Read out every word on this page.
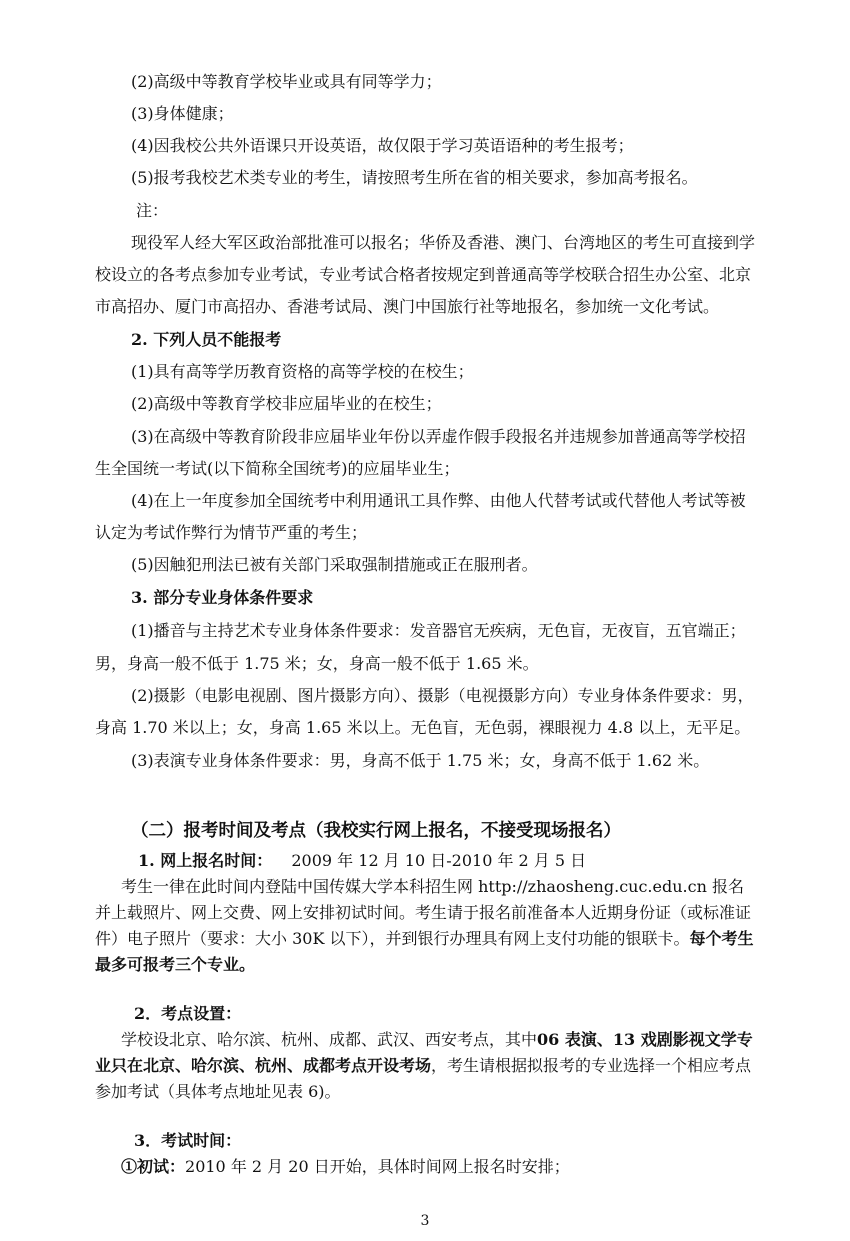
(2)高级中等教育学校毕业或具有同等学力；
(3)身体健康；
(4)因我校公共外语课只开设英语，故仅限于学习英语语种的考生报考；
(5)报考我校艺术类专业的考生，请按照考生所在省的相关要求，参加高考报名。
注：
现役军人经大军区政治部批准可以报名；华侨及香港、澳门、台湾地区的考生可直接到学
校设立的各考点参加专业考试，专业考试合格者按规定到普通高等学校联合招生办公室、北京
市高招办、厦门市高招办、香港考试局、澳门中国旅行社等地报名，参加统一文化考试。
2. 下列人员不能报考
(1)具有高等学历教育资格的高等学校的在校生；
(2)高级中等教育学校非应届毕业的在校生；
(3)在高级中等教育阶段非应届毕业年份以弄虚作假手段报名并违规参加普通高等学校招
生全国统一考试(以下简称全国统考)的应届毕业生；
(4)在上一年度参加全国统考中利用通讯工具作弊、由他人代替考试或代替他人考试等被
认定为考试作弊行为情节严重的考生；
(5)因触犯刑法已被有关部门采取强制措施或正在服刑者。
3. 部分专业身体条件要求
(1)播音与主持艺术专业身体条件要求：发音器官无疾病，无色盲，无夜盲，五官端正；
男，身高一般不低于 1.75 米；女，身高一般不低于 1.65 米。
(2)摄影（电影电视剧、图片摄影方向）、摄影（电视摄影方向）专业身体条件要求：男，
身高 1.70 米以上；女，身高 1.65 米以上。无色盲，无色弱，裸眼视力 4.8 以上，无平足。
(3)表演专业身体条件要求：男，身高不低于 1.75 米；女，身高不低于 1.62 米。
（二）报考时间及考点（我校实行网上报名，不接受现场报名）
1. 网上报名时间： 2009 年 12 月 10 日-2010 年 2 月 5 日
考生一律在此时间内登陆中国传媒大学本科招生网 http://zhaosheng.cuc.edu.cn 报名
并上载照片、网上交费、网上安排初试时间。考生请于报名前准备本人近期身份证（或标准证
件）电子照片（要求：大小 30K 以下），并到银行办理具有网上支付功能的银联卡。每个考生
最多可报考三个专业。
2．考点设置：
学校设北京、哈尔滨、杭州、成都、武汉、西安考点，其中06 表演、13 戏剧影视文学专
业只在北京、哈尔滨、杭州、成都考点开设考场，考生请根据拟报考的专业选择一个相应考点
参加考试（具体考点地址见表 6)。
3．考试时间：
①初试：2010 年 2 月 20 日开始，具体时间网上报名时安排；
3
